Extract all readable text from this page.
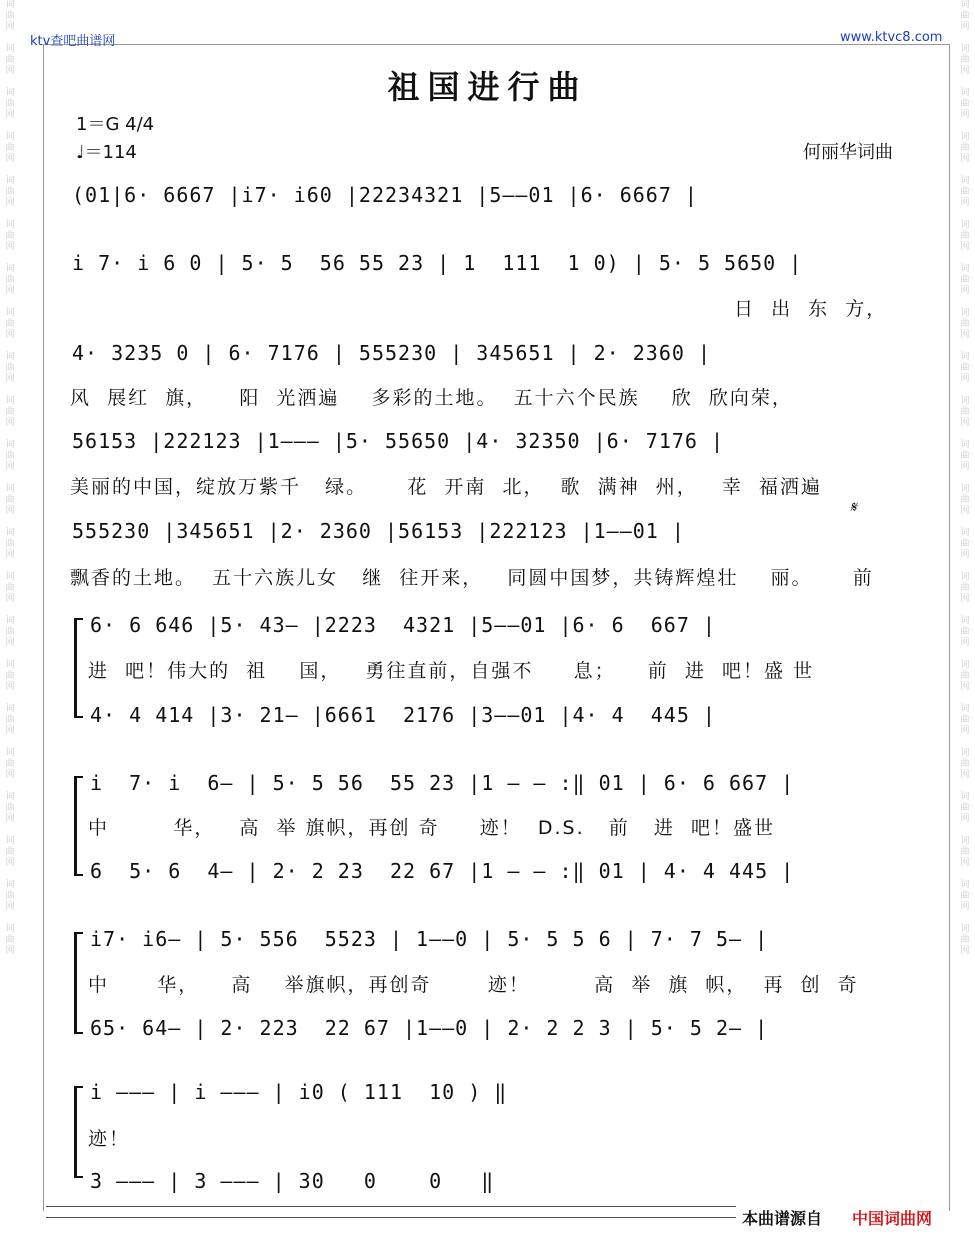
词
曲
网

词
曲
网

词
曲
网

词
曲
网

词
曲
网

词
曲
网

词
曲
网

词
曲
网

词
曲
网

词
曲
网

词
曲
网

词
曲
网

词
曲
网

词
曲
网

词
曲
网

词
曲
网

词
曲
网

词
曲
网

词
曲
网

词
曲
网

词
曲
网

词
曲
网
词
曲
网

词
曲
网

词
曲
网

词
曲
网

词
曲
网

词
曲
网

词
曲
网

词
曲
网

词
曲
网

词
曲
网

词
曲
网

词
曲
网

词
曲
网

词
曲
网

词
曲
网

词
曲
网

词
曲
网

词
曲
网

词
曲
网

词
曲
网

词
曲
网

词
曲
网
ktv查吧曲谱网	www.ktvc8.com
祖国进行曲
1＝G 4/4
♩＝114	何丽华词曲
(01|6· 6667 |i7· i60 |22234321 |5——01 |6· 6667 |
i 7· i 6 0 | 5· 5  56 55 23 | 1  111  1 0) | 5· 5 5650 |
日  出  东  方，
4· 3235 0 | 6· 7176 | 555230 | 345651 | 2· 2360 |
风  展红  旗，    阳  光洒遍    多彩的土地。  五十六个民族    欣  欣向荣，
56153 |222123 |1——— |5· 55650 |4· 32350 |6· 7176 |
美丽的中国，绽放万紫千   绿。     花  开南  北，  歌  满神  州，   幸  福洒遍
𝄋
555230 |345651 |2· 2360 |56153 |222123 |1——01 |
飘香的土地。  五十六族儿女   继  往开来，   同圆中国梦，共铸辉煌壮    丽。     前
6· 6 646 |5· 43— |2223  4321 |5——01 |6· 6  667 |
进  吧！伟大的  祖    国，   勇往直前，自强不     息；    前  进  吧！盛 世
4· 4 414 |3· 21— |6661  2176 |3——01 |4· 4  445 |
i  7· i  6— | 5· 5 56  55 23 |1 — — :‖ 01 | 6· 6 667 |
中        华，   高  举 旗帜，再创 奇     迹！  D.S.   前   进  吧！盛世
6  5· 6  4— | 2· 2 23  22 67 |1 — — :‖ 01 | 4· 4 445 |
i7· i6— | 5· 556  5523 | 1——0 | 5· 5 5 6 | 7· 7 5— |
中      华，    高    举旗帜，再创奇       迹！        高  举  旗  帜，  再  创  奇
65· 64— | 2· 223  22 67 |1——0 | 2· 2 2 3 | 5· 5 2— |
i ——— | i ——— | i0 ( 111  10 ) ‖
迹！
3 ——— | 3 ——— | 30   0    0   ‖
本曲谱源自 中国词曲网
